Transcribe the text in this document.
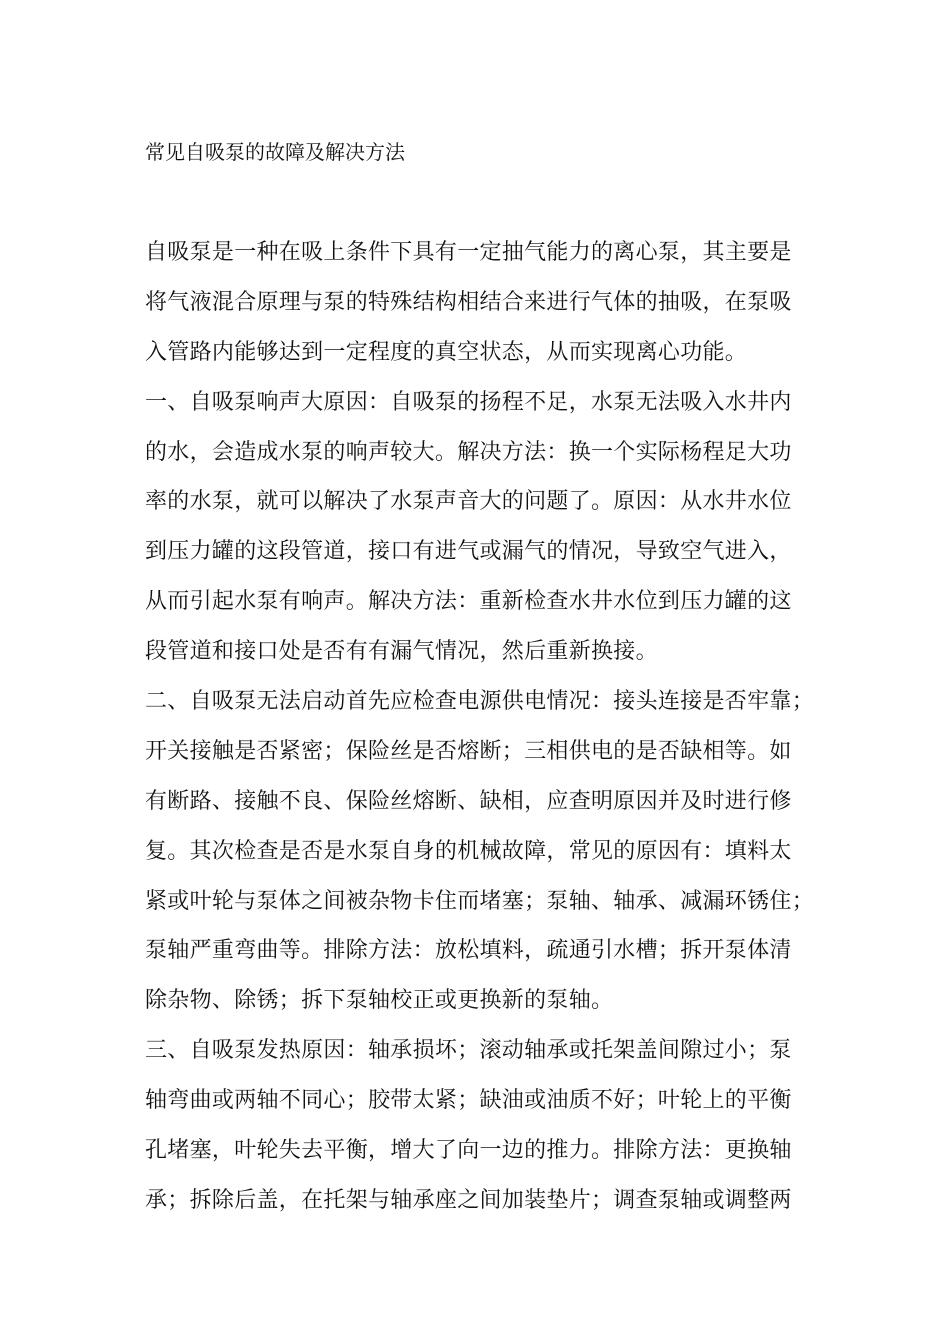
常见自吸泵的故障及解决方法
自吸泵是一种在吸上条件下具有一定抽气能力的离心泵，其主要是
将气液混合原理与泵的特殊结构相结合来进行气体的抽吸，在泵吸
入管路内能够达到一定程度的真空状态，从而实现离心功能。
一、自吸泵响声大原因：自吸泵的扬程不足，水泵无法吸入水井内
的水，会造成水泵的响声较大。解决方法：换一个实际杨程足大功
率的水泵，就可以解决了水泵声音大的问题了。原因：从水井水位
到压力罐的这段管道，接口有进气或漏气的情况，导致空气进入，
从而引起水泵有响声。解决方法：重新检查水井水位到压力罐的这
段管道和接口处是否有有漏气情况，然后重新换接。
二、自吸泵无法启动首先应检查电源供电情况：接头连接是否牢靠；
开关接触是否紧密；保险丝是否熔断；三相供电的是否缺相等。如
有断路、接触不良、保险丝熔断、缺相，应查明原因并及时进行修
复。其次检查是否是水泵自身的机械故障，常见的原因有：填料太
紧或叶轮与泵体之间被杂物卡住而堵塞；泵轴、轴承、减漏环锈住；
泵轴严重弯曲等。排除方法：放松填料，疏通引水槽；拆开泵体清
除杂物、除锈；拆下泵轴校正或更换新的泵轴。
三、自吸泵发热原因：轴承损坏；滚动轴承或托架盖间隙过小；泵
轴弯曲或两轴不同心；胶带太紧；缺油或油质不好；叶轮上的平衡
孔堵塞，叶轮失去平衡，增大了向一边的推力。排除方法：更换轴
承；拆除后盖，在托架与轴承座之间加装垫片；调查泵轴或调整两
